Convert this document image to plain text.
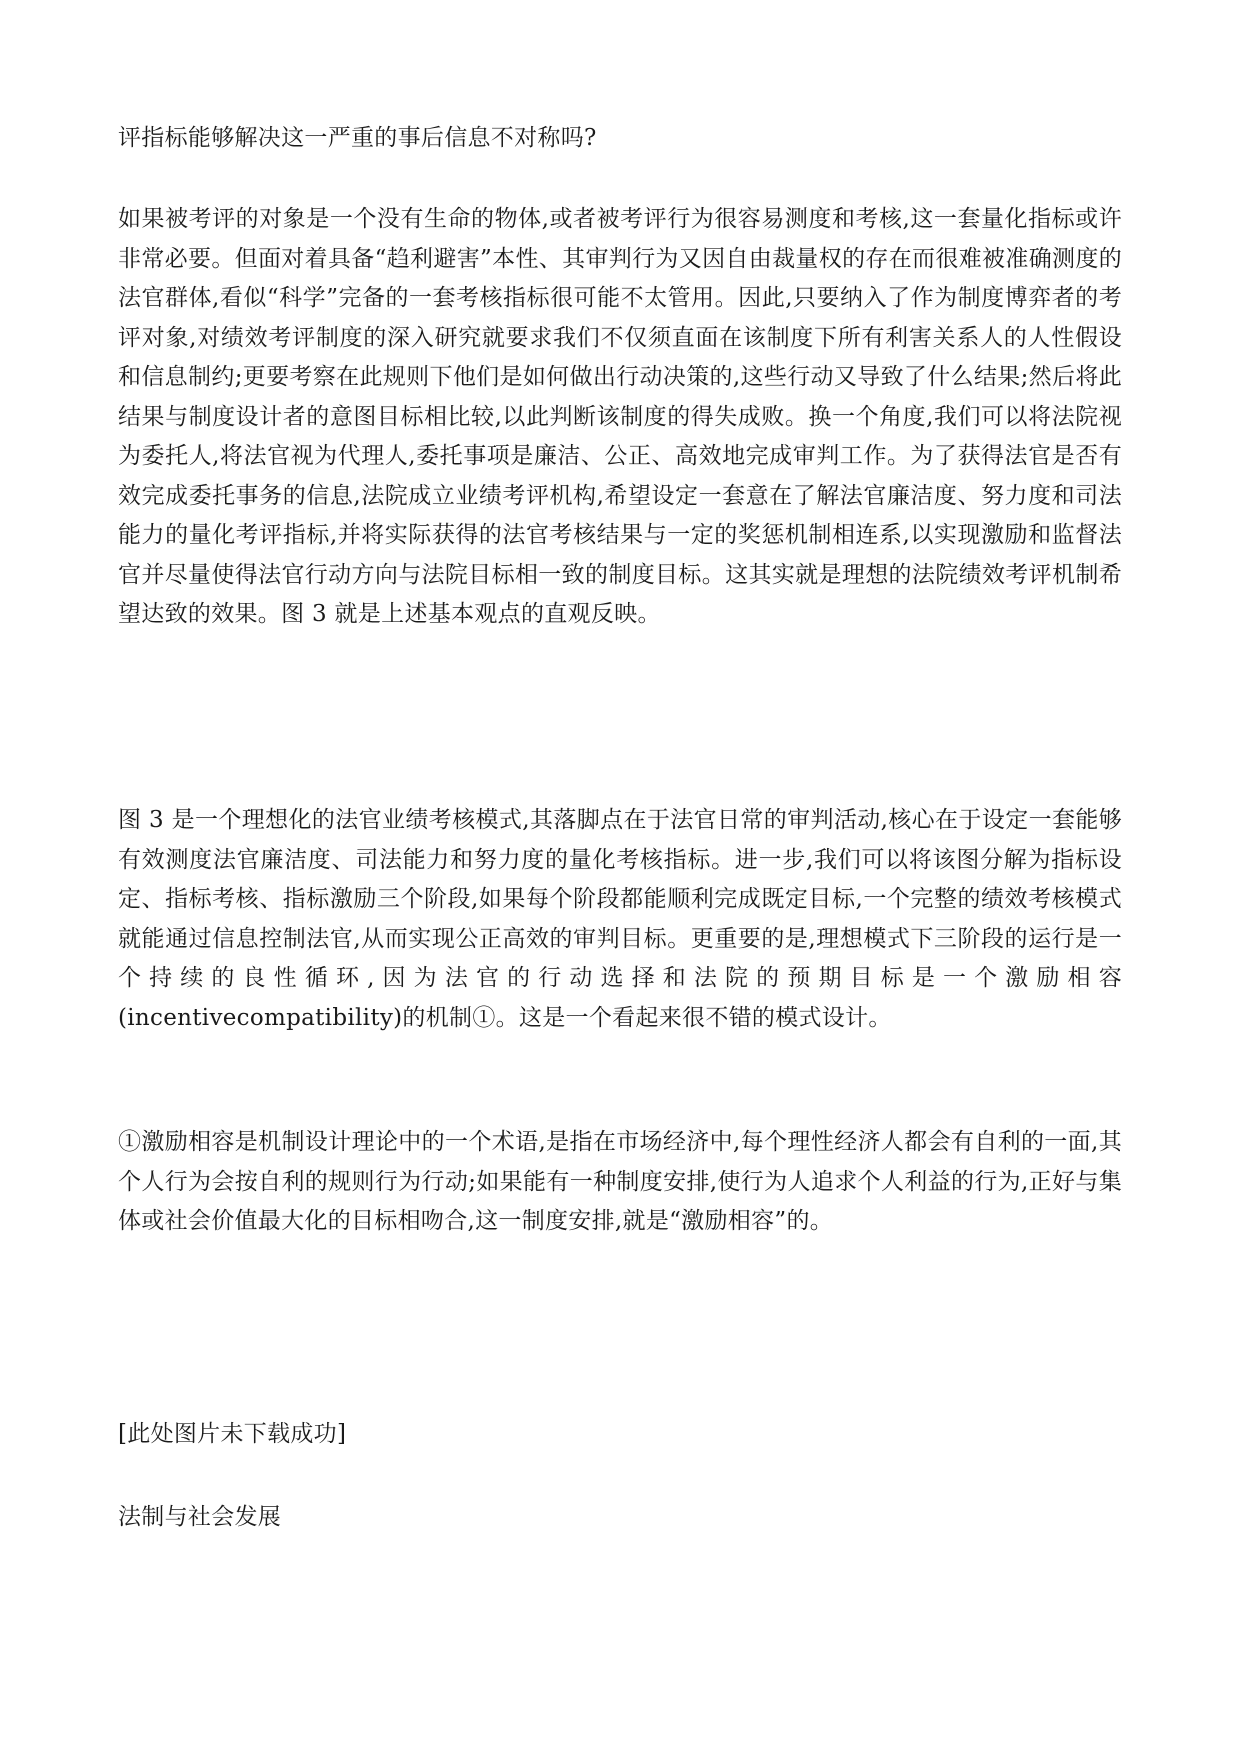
评指标能够解决这一严重的事后信息不对称吗?

如果被考评的对象是一个没有生命的物体,或者被考评行为很容易测度和考核,这一套量化指标或许非常必要。但面对着具备“趋利避害”本性、其审判行为又因自由裁量权的存在而很难被准确测度的法官群体,看似“科学”完备的一套考核指标很可能不太管用。因此,只要纳入了作为制度博弈者的考评对象,对绩效考评制度的深入研究就要求我们不仅须直面在该制度下所有利害关系人的人性假设和信息制约;更要考察在此规则下他们是如何做出行动决策的,这些行动又导致了什么结果;然后将此结果与制度设计者的意图目标相比较,以此判断该制度的得失成败。换一个角度,我们可以将法院视为委托人,将法官视为代理人,委托事项是廉洁、公正、高效地完成审判工作。为了获得法官是否有效完成委托事务的信息,法院成立业绩考评机构,希望设定一套意在了解法官廉洁度、努力度和司法能力的量化考评指标,并将实际获得的法官考核结果与一定的奖惩机制相连系,以实现激励和监督法官并尽量使得法官行动方向与法院目标相一致的制度目标。这其实就是理想的法院绩效考评机制希望达致的效果。图 3 就是上述基本观点的直观反映。

图 3 是一个理想化的法官业绩考核模式,其落脚点在于法官日常的审判活动,核心在于设定一套能够有效测度法官廉洁度、司法能力和努力度的量化考核指标。进一步,我们可以将该图分解为指标设定、指标考核、指标激励三个阶段,如果每个阶段都能顺利完成既定目标,一个完整的绩效考核模式就能通过信息控制法官,从而实现公正高效的审判目标。更重要的是,理想模式下三阶段的运行是一个持续的良性循环,因为法官的行动选择和法院的预期目标是一个激励相容(incentivecompatibility)的机制①。这是一个看起来很不错的模式设计。

①激励相容是机制设计理论中的一个术语,是指在市场经济中,每个理性经济人都会有自利的一面,其个人行为会按自利的规则行为行动;如果能有一种制度安排,使行为人追求个人利益的行为,正好与集体或社会价值最大化的目标相吻合,这一制度安排,就是“激励相容”的。

[此处图片未下载成功]

法制与社会发展
